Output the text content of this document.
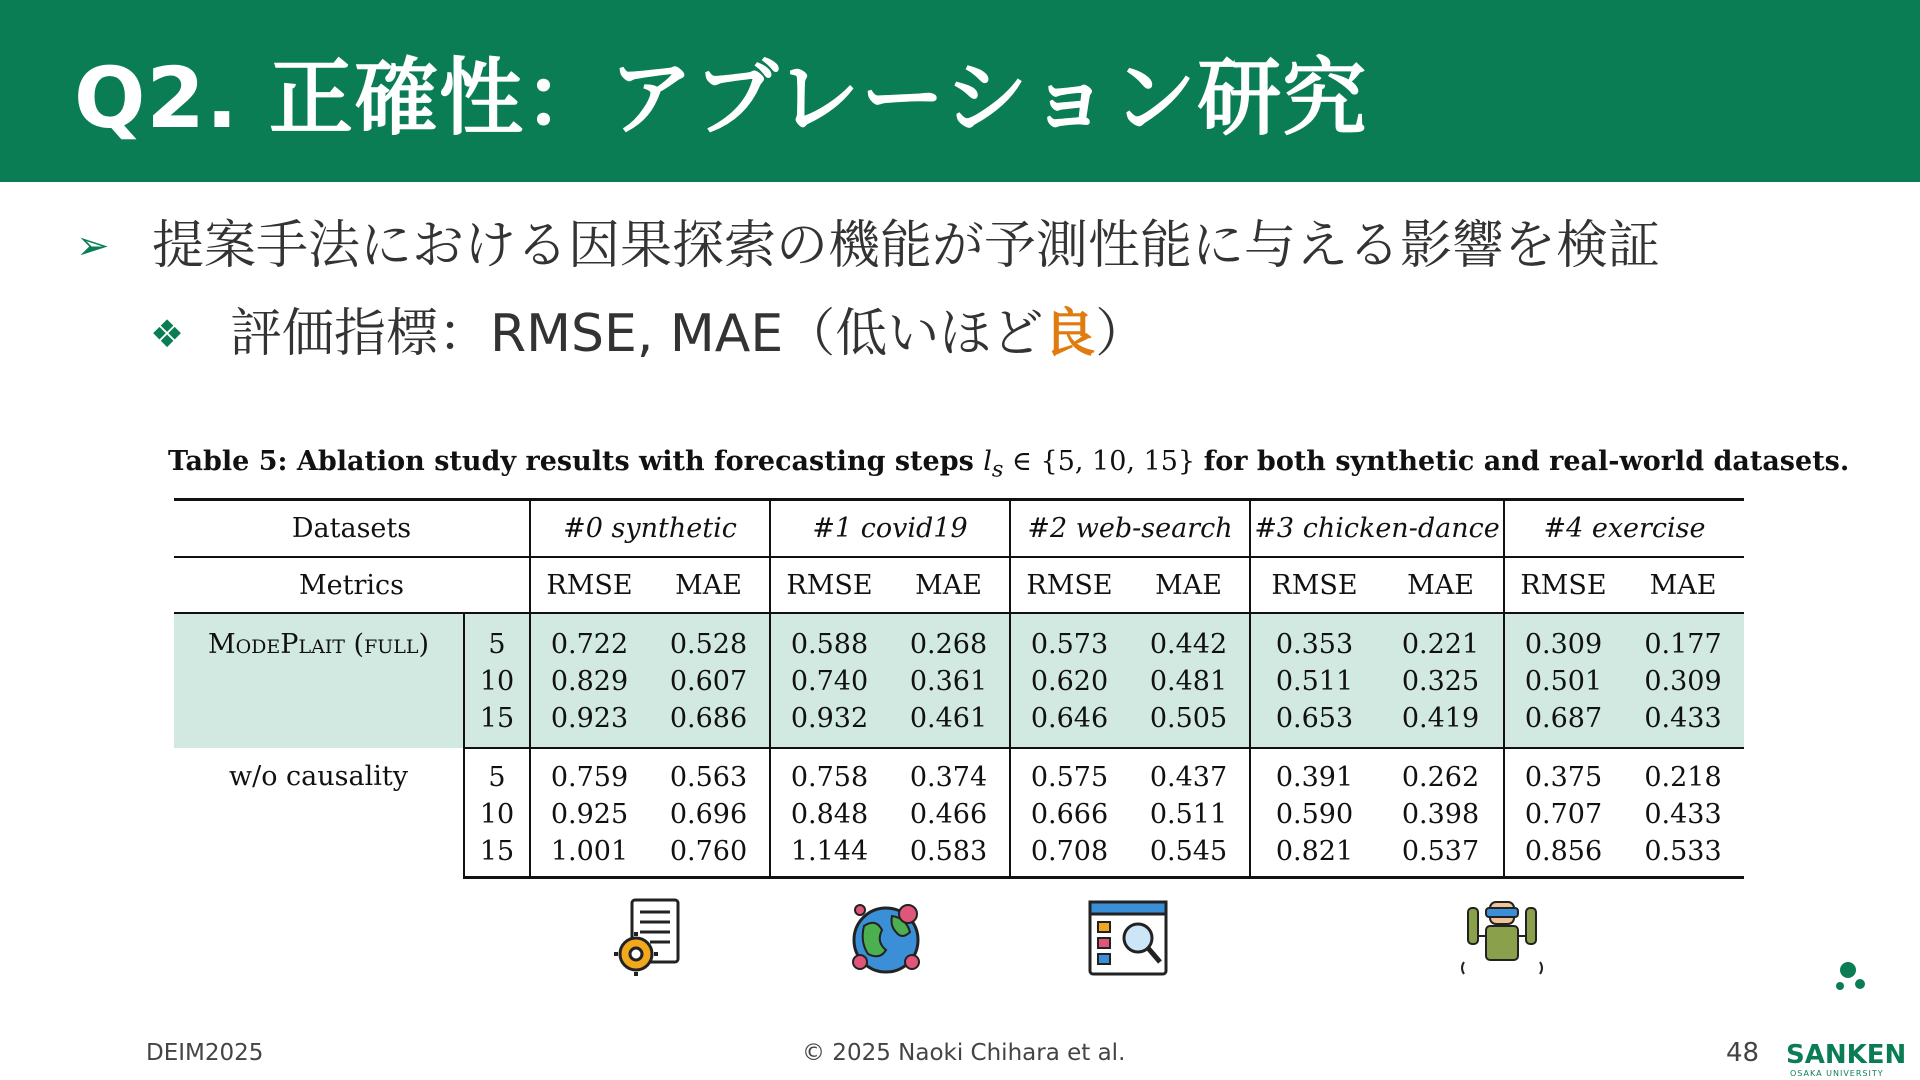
Q2. 正確性：アブレーション研究
➢ 提案手法における因果探索の機能が予測性能に与える影響を検証
❖ 評価指標：RMSE, MAE（低いほど良）
Table 5: Ablation study results with forecasting steps $l_s$ ∈ {5, 10, 15} for both synthetic and real-world datasets.
Datasets		#0 synthetic		#1 covid19		#2 web-search		#3 chicken-dance		#4 exercise	
Metrics		RMSE	MAE	RMSE	MAE	RMSE	MAE	RMSE	MAE	RMSE	MAE
ModePlait (full)	5	0.722	0.528	0.588	0.268	0.573	0.442	0.353	0.221	0.309	0.177
	10	0.829	0.607	0.740	0.361	0.620	0.481	0.511	0.325	0.501	0.309
	15	0.923	0.686	0.932	0.461	0.646	0.505	0.653	0.419	0.687	0.433
w/o causality	5	0.759	0.563	0.758	0.374	0.575	0.437	0.391	0.262	0.375	0.218
	10	0.925	0.696	0.848	0.466	0.666	0.511	0.590	0.398	0.707	0.433
	15	1.001	0.760	1.144	0.583	0.708	0.545	0.821	0.537	0.856	0.533
DEIM2025	© 2025 Naoki Chihara et al.	48 SANKEN
OSAKA UNIVERSITY
